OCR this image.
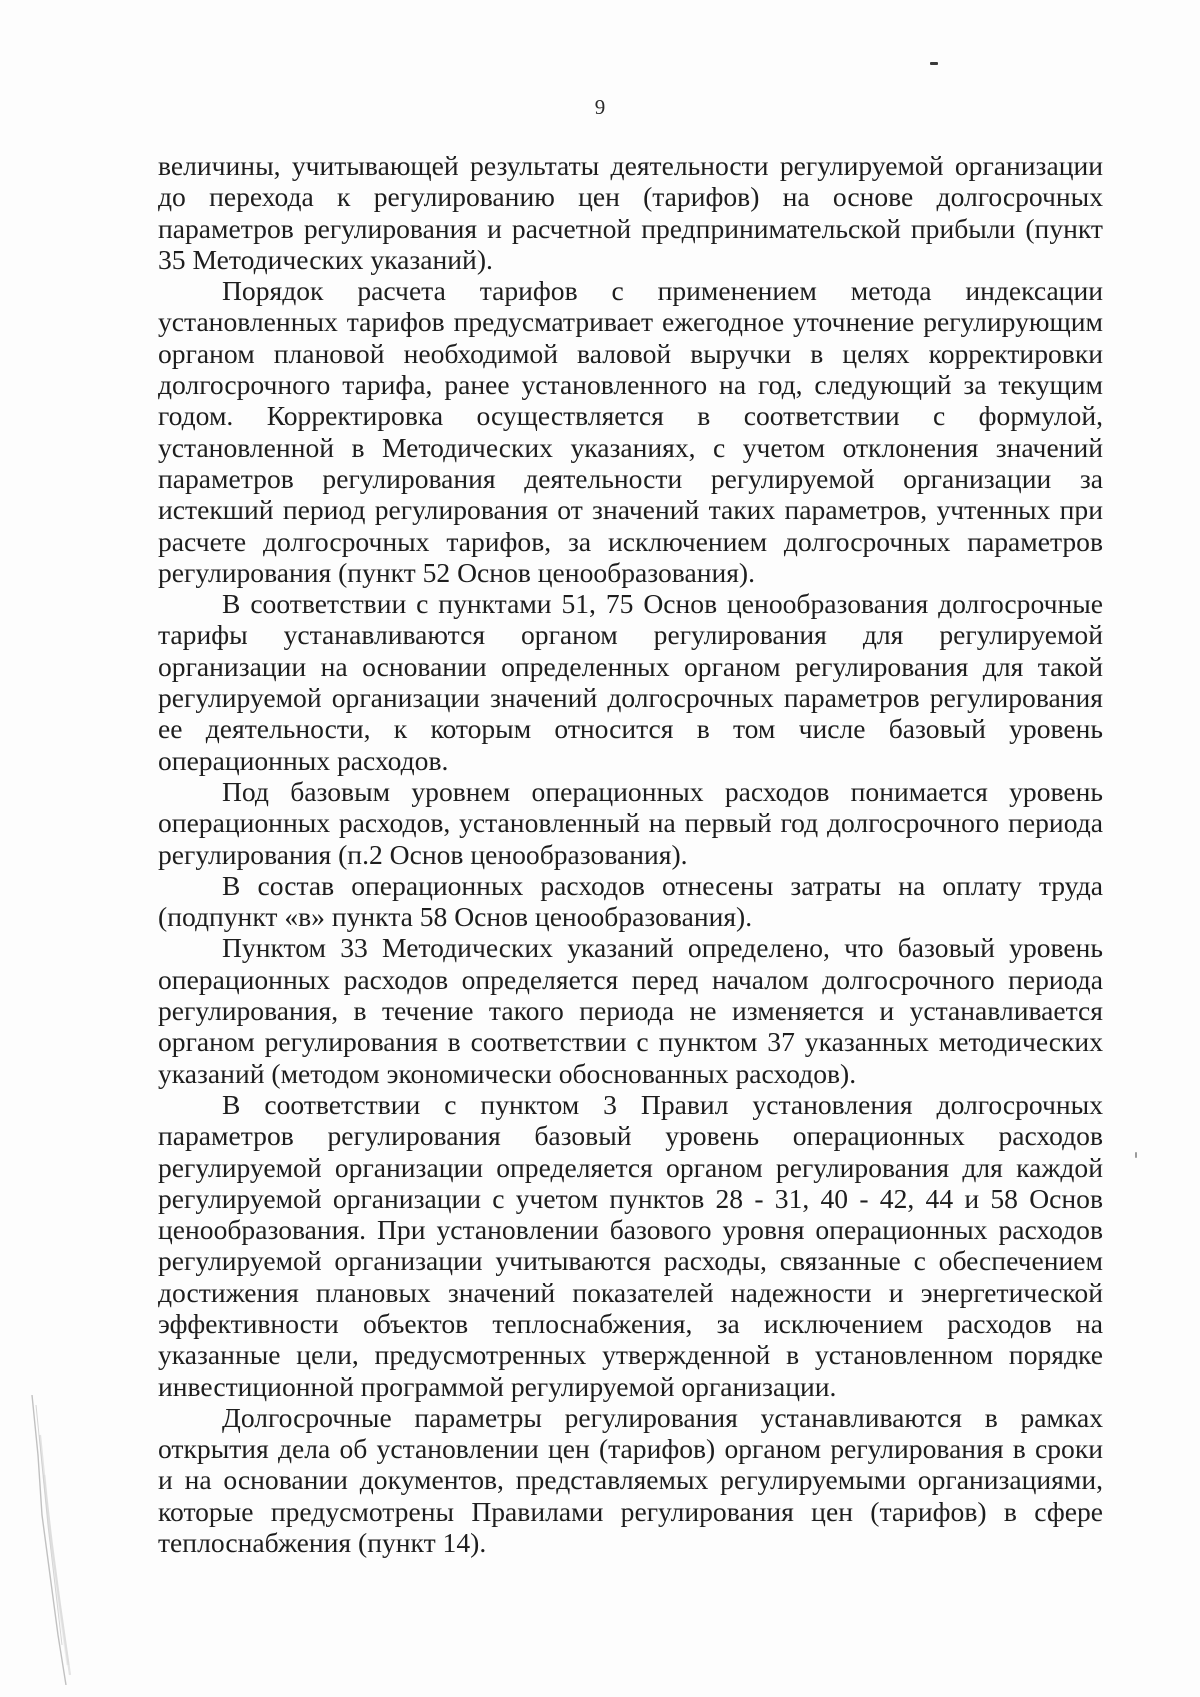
9

величины, учитывающей результаты деятельности регулируемой организации до перехода к регулированию цен (тарифов) на основе долгосрочных параметров регулирования и расчетной предпринимательской прибыли (пункт 35 Методических указаний).

Порядок расчета тарифов с применением метода индексации установленных тарифов предусматривает ежегодное уточнение регулирующим органом плановой необходимой валовой выручки в целях корректировки долгосрочного тарифа, ранее установленного на год, следующий за текущим годом. Корректировка осуществляется в соответствии с формулой, установленной в Методических указаниях, с учетом отклонения значений параметров регулирования деятельности регулируемой организации за истекший период регулирования от значений таких параметров, учтенных при расчете долгосрочных тарифов, за исключением долгосрочных параметров регулирования (пункт 52 Основ ценообразования).

В соответствии с пунктами 51, 75 Основ ценообразования долгосрочные тарифы устанавливаются органом регулирования для регулируемой организации на основании определенных органом регулирования для такой регулируемой организации значений долгосрочных параметров регулирования ее деятельности, к которым относится в том числе базовый уровень операционных расходов.

Под базовым уровнем операционных расходов понимается уровень операционных расходов, установленный на первый год долгосрочного периода регулирования (п.2 Основ ценообразования).

В состав операционных расходов отнесены затраты на оплату труда (подпункт «в» пункта 58 Основ ценообразования).

Пунктом 33 Методических указаний определено, что базовый уровень операционных расходов определяется перед началом долгосрочного периода регулирования, в течение такого периода не изменяется и устанавливается органом регулирования в соответствии с пунктом 37 указанных методических указаний (методом экономически обоснованных расходов).

В соответствии с пунктом 3 Правил установления долгосрочных параметров регулирования базовый уровень операционных расходов регулируемой организации определяется органом регулирования для каждой регулируемой организации с учетом пунктов 28 - 31, 40 - 42, 44 и 58 Основ ценообразования. При установлении базового уровня операционных расходов регулируемой организации учитываются расходы, связанные с обеспечением достижения плановых значений показателей надежности и энергетической эффективности объектов теплоснабжения, за исключением расходов на указанные цели, предусмотренных утвержденной в установленном порядке инвестиционной программой регулируемой организации.

Долгосрочные параметры регулирования устанавливаются в рамках открытия дела об установлении цен (тарифов) органом регулирования в сроки и на основании документов, представляемых регулируемыми организациями, которые предусмотрены Правилами регулирования цен (тарифов) в сфере теплоснабжения (пункт 14).
